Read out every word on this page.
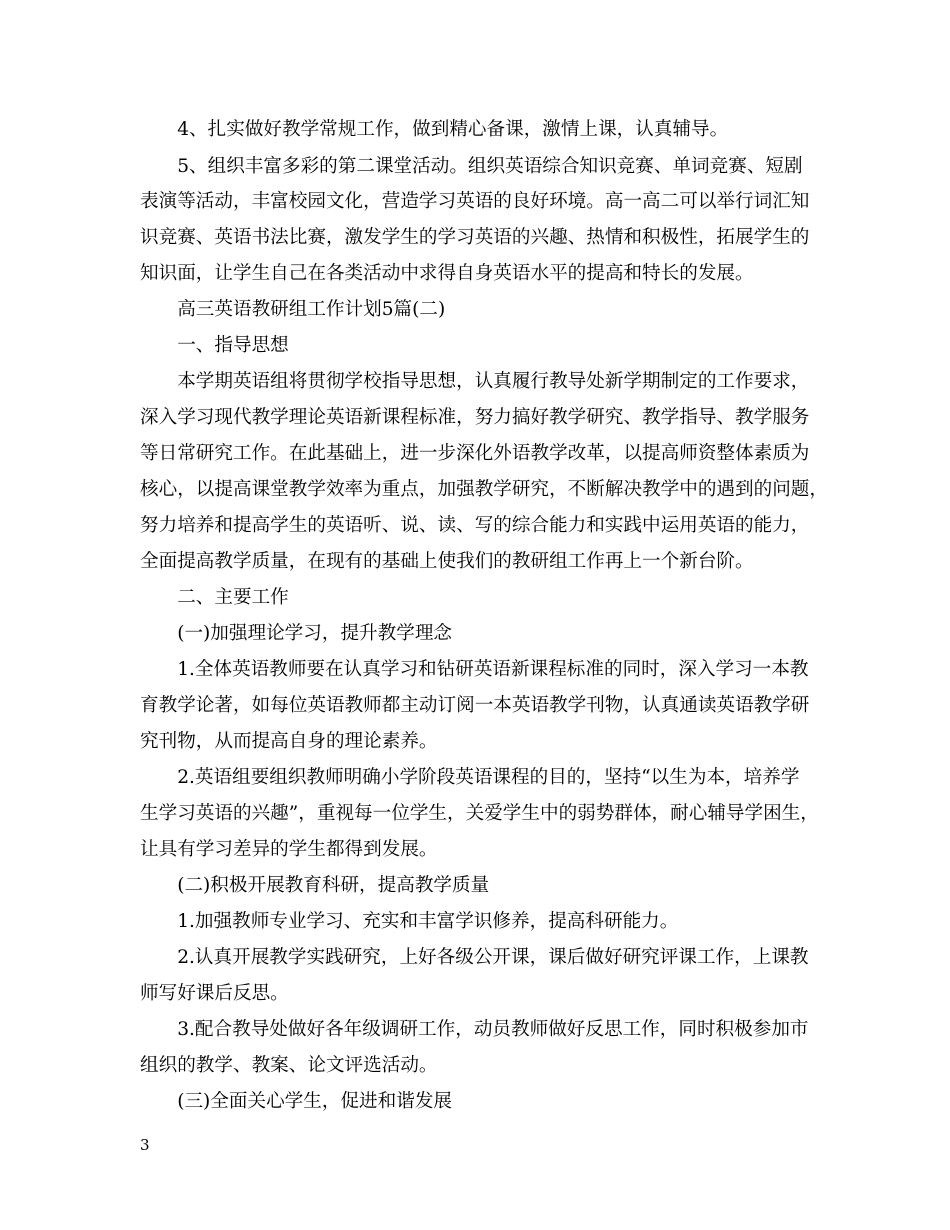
　　4、扎实做好教学常规工作，做到精心备课，激情上课，认真辅导。

　　5、组织丰富多彩的第二课堂活动。组织英语综合知识竞赛、单词竞赛、短剧

表演等活动，丰富校园文化，营造学习英语的良好环境。高一高二可以举行词汇知

识竞赛、英语书法比赛，激发学生的学习英语的兴趣、热情和积极性，拓展学生的

知识面，让学生自己在各类活动中求得自身英语水平的提高和特长的发展。

　　高三英语教研组工作计划5篇(二)

　　一、指导思想

　　本学期英语组将贯彻学校指导思想，认真履行教导处新学期制定的工作要求，

深入学习现代教学理论英语新课程标准，努力搞好教学研究、教学指导、教学服务

等日常研究工作。在此基础上，进一步深化外语教学改革，以提高师资整体素质为

核心，以提高课堂教学效率为重点，加强教学研究，不断解决教学中的遇到的问题，

努力培养和提高学生的英语听、说、读、写的综合能力和实践中运用英语的能力，

全面提高教学质量，在现有的基础上使我们的教研组工作再上一个新台阶。

　　二、主要工作

　　(一)加强理论学习，提升教学理念

　　1.全体英语教师要在认真学习和钻研英语新课程标准的同时，深入学习一本教

育教学论著，如每位英语教师都主动订阅一本英语教学刊物，认真通读英语教学研

究刊物，从而提高自身的理论素养。

　　2.英语组要组织教师明确小学阶段英语课程的目的，坚持“以生为本，培养学

生学习英语的兴趣”，重视每一位学生，关爱学生中的弱势群体，耐心辅导学困生，

让具有学习差异的学生都得到发展。

　　(二)积极开展教育科研，提高教学质量

　　1.加强教师专业学习、充实和丰富学识修养，提高科研能力。

　　2.认真开展教学实践研究，上好各级公开课，课后做好研究评课工作，上课教

师写好课后反思。

　　3.配合教导处做好各年级调研工作，动员教师做好反思工作，同时积极参加市

组织的教学、教案、论文评选活动。

　　(三)全面关心学生，促进和谐发展

3
